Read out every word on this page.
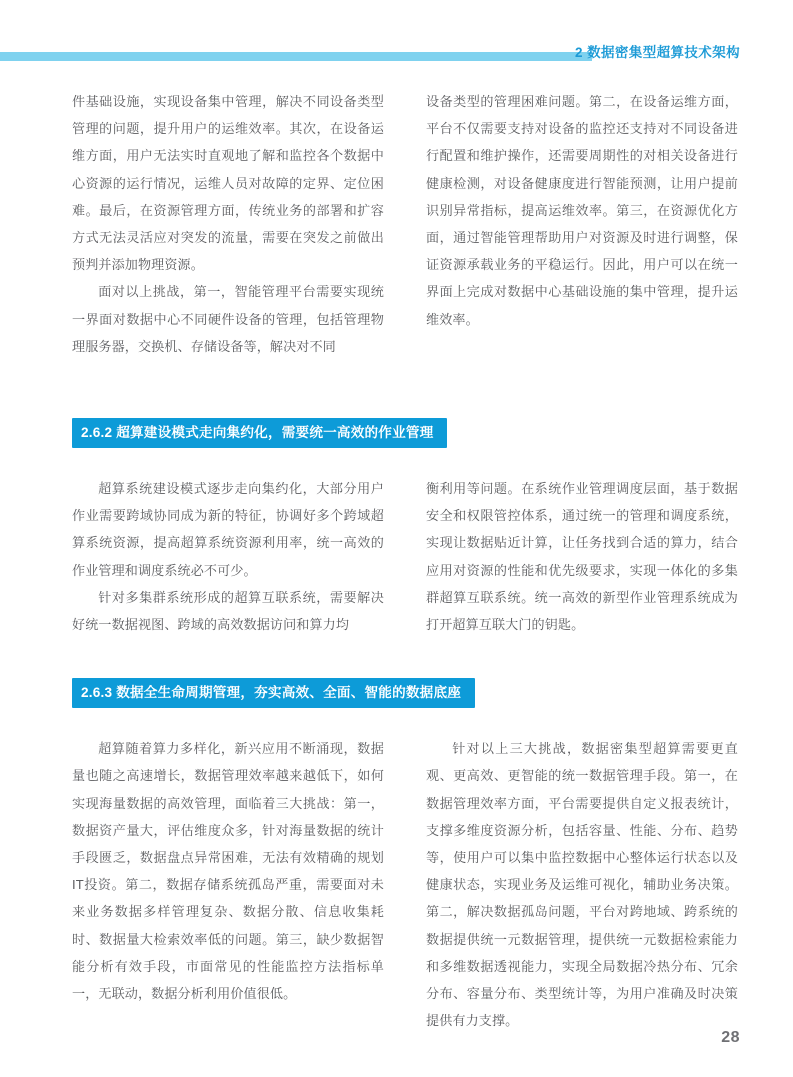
2 数据密集型超算技术架构

件基础设施，实现设备集中管理，解决不同设备类型管理的问题，提升用户的运维效率。其次，在设备运维方面，用户无法实时直观地了解和监控各个数据中心资源的运行情况，运维人员对故障的定界、定位困难。最后，在资源管理方面，传统业务的部署和扩容方式无法灵活应对突发的流量，需要在突发之前做出预判并添加物理资源。

面对以上挑战，第一，智能管理平台需要实现统一界面对数据中心不同硬件设备的管理，包括管理物理服务器，交换机、存储设备等，解决对不同

设备类型的管理困难问题。第二，在设备运维方面，平台不仅需要支持对设备的监控还支持对不同设备进行配置和维护操作，还需要周期性的对相关设备进行健康检测，对设备健康度进行智能预测，让用户提前识别异常指标，提高运维效率。第三，在资源优化方面，通过智能管理帮助用户对资源及时进行调整，保证资源承载业务的平稳运行。因此，用户可以在统一界面上完成对数据中心基础设施的集中管理，提升运维效率。

2.6.2 超算建设模式走向集约化，需要统一高效的作业管理

超算系统建设模式逐步走向集约化，大部分用户作业需要跨域协同成为新的特征，协调好多个跨域超算系统资源，提高超算系统资源利用率，统一高效的作业管理和调度系统必不可少。

针对多集群系统形成的超算互联系统，需要解决好统一数据视图、跨域的高效数据访问和算力均

衡利用等问题。在系统作业管理调度层面，基于数据安全和权限管控体系，通过统一的管理和调度系统，实现让数据贴近计算，让任务找到合适的算力，结合应用对资源的性能和优先级要求，实现一体化的多集群超算互联系统。统一高效的新型作业管理系统成为打开超算互联大门的钥匙。

2.6.3 数据全生命周期管理，夯实高效、全面、智能的数据底座

超算随着算力多样化，新兴应用不断涌现，数据量也随之高速增长，数据管理效率越来越低下，如何实现海量数据的高效管理，面临着三大挑战：第一，数据资产量大，评估维度众多，针对海量数据的统计手段匮乏，数据盘点异常困难，无法有效精确的规划IT投资。第二，数据存储系统孤岛严重，需要面对未来业务数据多样管理复杂、数据分散、信息收集耗时、数据量大检索效率低的问题。第三，缺少数据智能分析有效手段，市面常见的性能监控方法指标单一，无联动，数据分析利用价值很低。

针对以上三大挑战，数据密集型超算需要更直观、更高效、更智能的统一数据管理手段。第一，在数据管理效率方面，平台需要提供自定义报表统计，支撑多维度资源分析，包括容量、性能、分布、趋势等，使用户可以集中监控数据中心整体运行状态以及健康状态，实现业务及运维可视化，辅助业务决策。第二，解决数据孤岛问题，平台对跨地域、跨系统的数据提供统一元数据管理，提供统一元数据检索能力和多维数据透视能力，实现全局数据冷热分布、冗余分布、容量分布、类型统计等，为用户准确及时决策提供有力支撑。

28
